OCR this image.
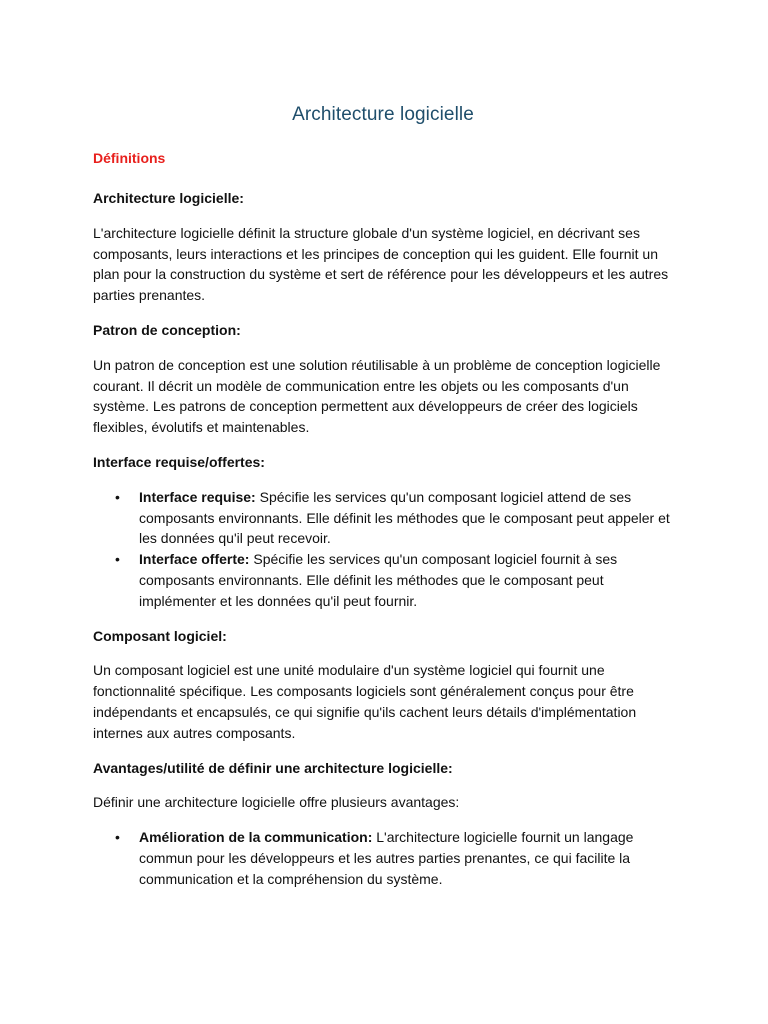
Architecture logicielle
Définitions
Architecture logicielle:

L'architecture logicielle définit la structure globale d'un système logiciel, en décrivant ses composants, leurs interactions et les principes de conception qui les guident. Elle fournit un plan pour la construction du système et sert de référence pour les développeurs et les autres parties prenantes.

Patron de conception:

Un patron de conception est une solution réutilisable à un problème de conception logicielle courant. Il décrit un modèle de communication entre les objets ou les composants d'un système. Les patrons de conception permettent aux développeurs de créer des logiciels flexibles, évolutifs et maintenables.

Interface requise/offertes:
• Interface requise: Spécifie les services qu'un composant logiciel attend de ses composants environnants. Elle définit les méthodes que le composant peut appeler et les données qu'il peut recevoir.
• Interface offerte: Spécifie les services qu'un composant logiciel fournit à ses composants environnants. Elle définit les méthodes que le composant peut implémenter et les données qu'il peut fournir.
Composant logiciel:

Un composant logiciel est une unité modulaire d'un système logiciel qui fournit une fonctionnalité spécifique. Les composants logiciels sont généralement conçus pour être indépendants et encapsulés, ce qui signifie qu'ils cachent leurs détails d'implémentation internes aux autres composants.

Avantages/utilité de définir une architecture logicielle:

Définir une architecture logicielle offre plusieurs avantages:

• Amélioration de la communication: L'architecture logicielle fournit un langage commun pour les développeurs et les autres parties prenantes, ce qui facilite la communication et la compréhension du système.
